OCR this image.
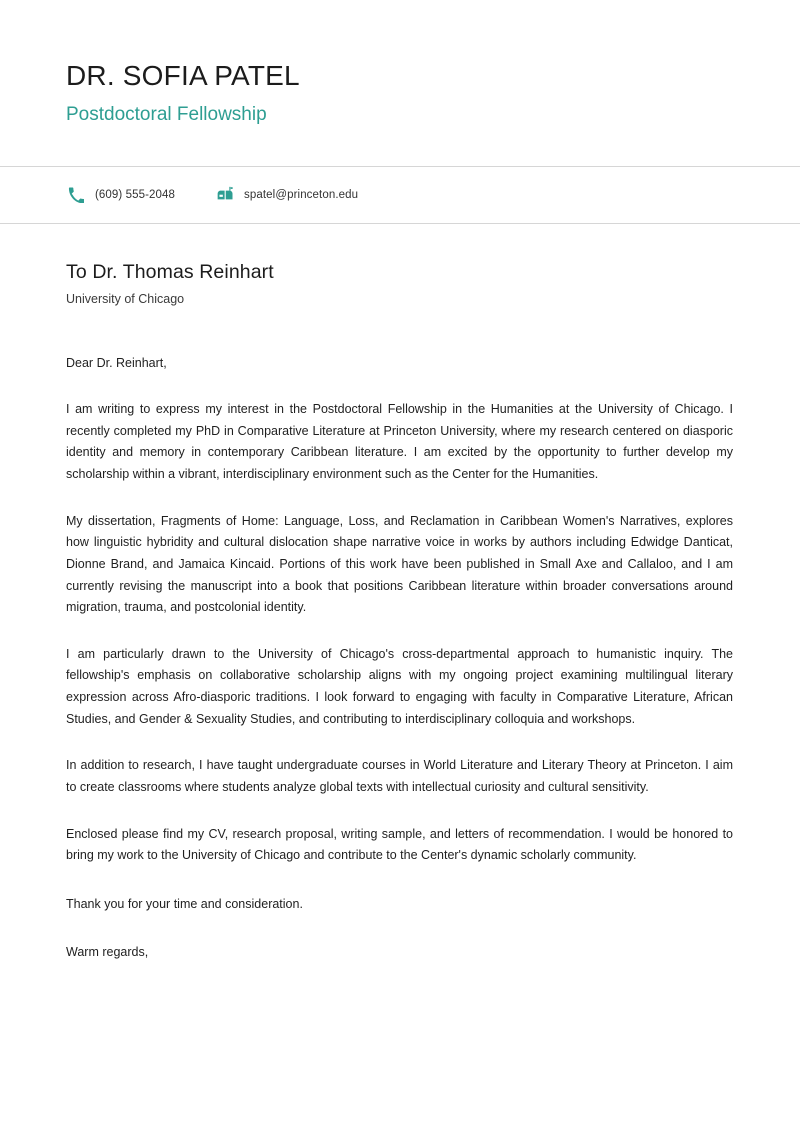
DR. SOFIA PATEL
Postdoctoral Fellowship
(609) 555-2048	spatel@princeton.edu
To Dr. Thomas Reinhart
University of Chicago

Dear Dr. Reinhart,

I am writing to express my interest in the Postdoctoral Fellowship in the Humanities at the University of Chicago. I recently completed my PhD in Comparative Literature at Princeton University, where my research centered on diasporic identity and memory in contemporary Caribbean literature. I am excited by the opportunity to further develop my scholarship within a vibrant, interdisciplinary environment such as the Center for the Humanities.

My dissertation, Fragments of Home: Language, Loss, and Reclamation in Caribbean Women's Narratives, explores how linguistic hybridity and cultural dislocation shape narrative voice in works by authors including Edwidge Danticat, Dionne Brand, and Jamaica Kincaid. Portions of this work have been published in Small Axe and Callaloo, and I am currently revising the manuscript into a book that positions Caribbean literature within broader conversations around migration, trauma, and postcolonial identity.

I am particularly drawn to the University of Chicago's cross-departmental approach to humanistic inquiry. The fellowship's emphasis on collaborative scholarship aligns with my ongoing project examining multilingual literary expression across Afro-diasporic traditions. I look forward to engaging with faculty in Comparative Literature, African Studies, and Gender & Sexuality Studies, and contributing to interdisciplinary colloquia and workshops.

In addition to research, I have taught undergraduate courses in World Literature and Literary Theory at Princeton. I aim to create classrooms where students analyze global texts with intellectual curiosity and cultural sensitivity.

Enclosed please find my CV, research proposal, writing sample, and letters of recommendation. I would be honored to bring my work to the University of Chicago and contribute to the Center's dynamic scholarly community.

Thank you for your time and consideration.

Warm regards,
